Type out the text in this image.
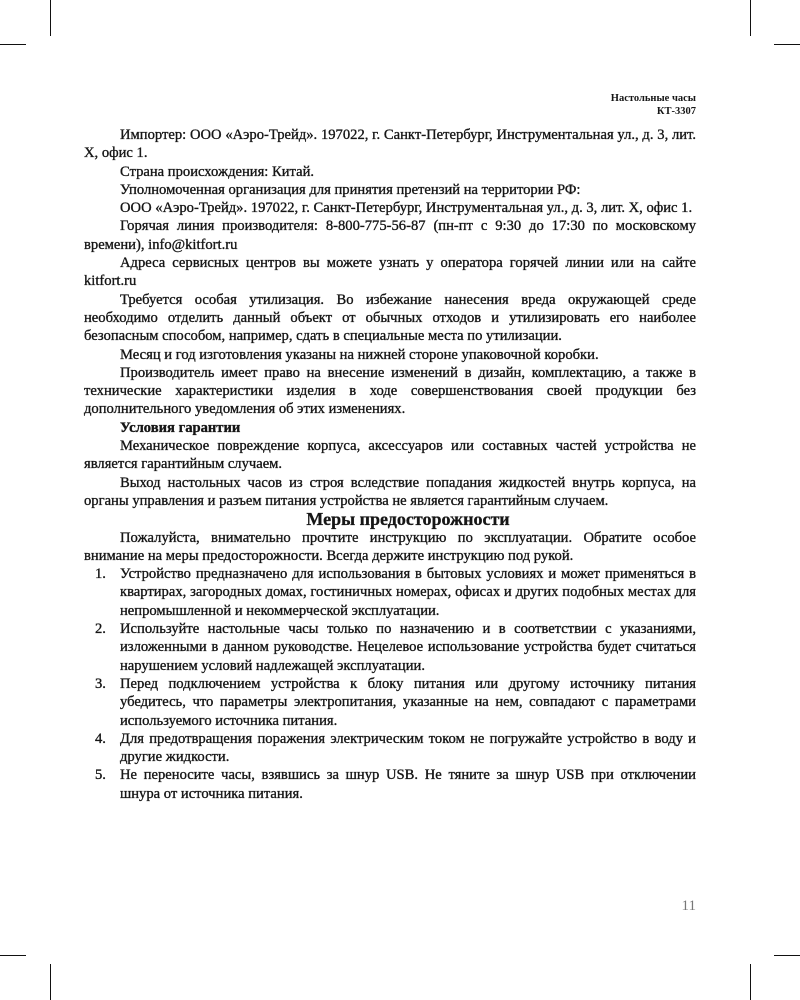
Настольные часы
КТ-3307

Импортер: ООО «Аэро-Трейд». 197022, г. Санкт-Петербург, Инструментальная ул., д. 3, лит. Х, офис 1.

Страна происхождения: Китай.

Уполномоченная организация для принятия претензий на территории РФ:

ООО «Аэро-Трейд». 197022, г. Санкт-Петербург, Инструментальная ул., д. 3, лит. Х, офис 1.

Горячая линия производителя: 8-800-775-56-87 (пн-пт с 9:30 до 17:30 по московскому времени), info@kitfort.ru

Адреса сервисных центров вы можете узнать у оператора горячей линии или на сайте kitfort.ru

Требуется особая утилизация. Во избежание нанесения вреда окружающей среде необходимо отделить данный объект от обычных отходов и утилизировать его наиболее безопасным способом, например, сдать в специальные места по утилизации.

Месяц и год изготовления указаны на нижней стороне упаковочной коробки.

Производитель имеет право на внесение изменений в дизайн, комплектацию, а также в технические характеристики изделия в ходе совершенствования своей продукции без дополнительного уведомления об этих изменениях.

Условия гарантии

Механическое повреждение корпуса, аксессуаров или составных частей устройства не является гарантийным случаем.

Выход настольных часов из строя вследствие попадания жидкостей внутрь корпуса, на органы управления и разъем питания устройства не является гарантийным случаем.

Меры предосторожности

Пожалуйста, внимательно прочтите инструкцию по эксплуатации. Обратите особое внимание на меры предосторожности. Всегда держите инструкцию под рукой.

1. Устройство предназначено для использования в бытовых условиях и может применяться в квартирах, загородных домах, гостиничных номерах, офисах и других подобных местах для непромышленной и некоммерческой эксплуатации.
2. Используйте настольные часы только по назначению и в соответствии с указаниями, изложенными в данном руководстве. Нецелевое использование устройства будет считаться нарушением условий надлежащей эксплуатации.
3. Перед подключением устройства к блоку питания или другому источнику питания убедитесь, что параметры электропитания, указанные на нем, совпадают с параметрами используемого источника питания.
4. Для предотвращения поражения электрическим током не погружайте устройство в воду и другие жидкости.
5. Не переносите часы, взявшись за шнур USB. Не тяните за шнур USB при отключении шнура от источника питания.
11
